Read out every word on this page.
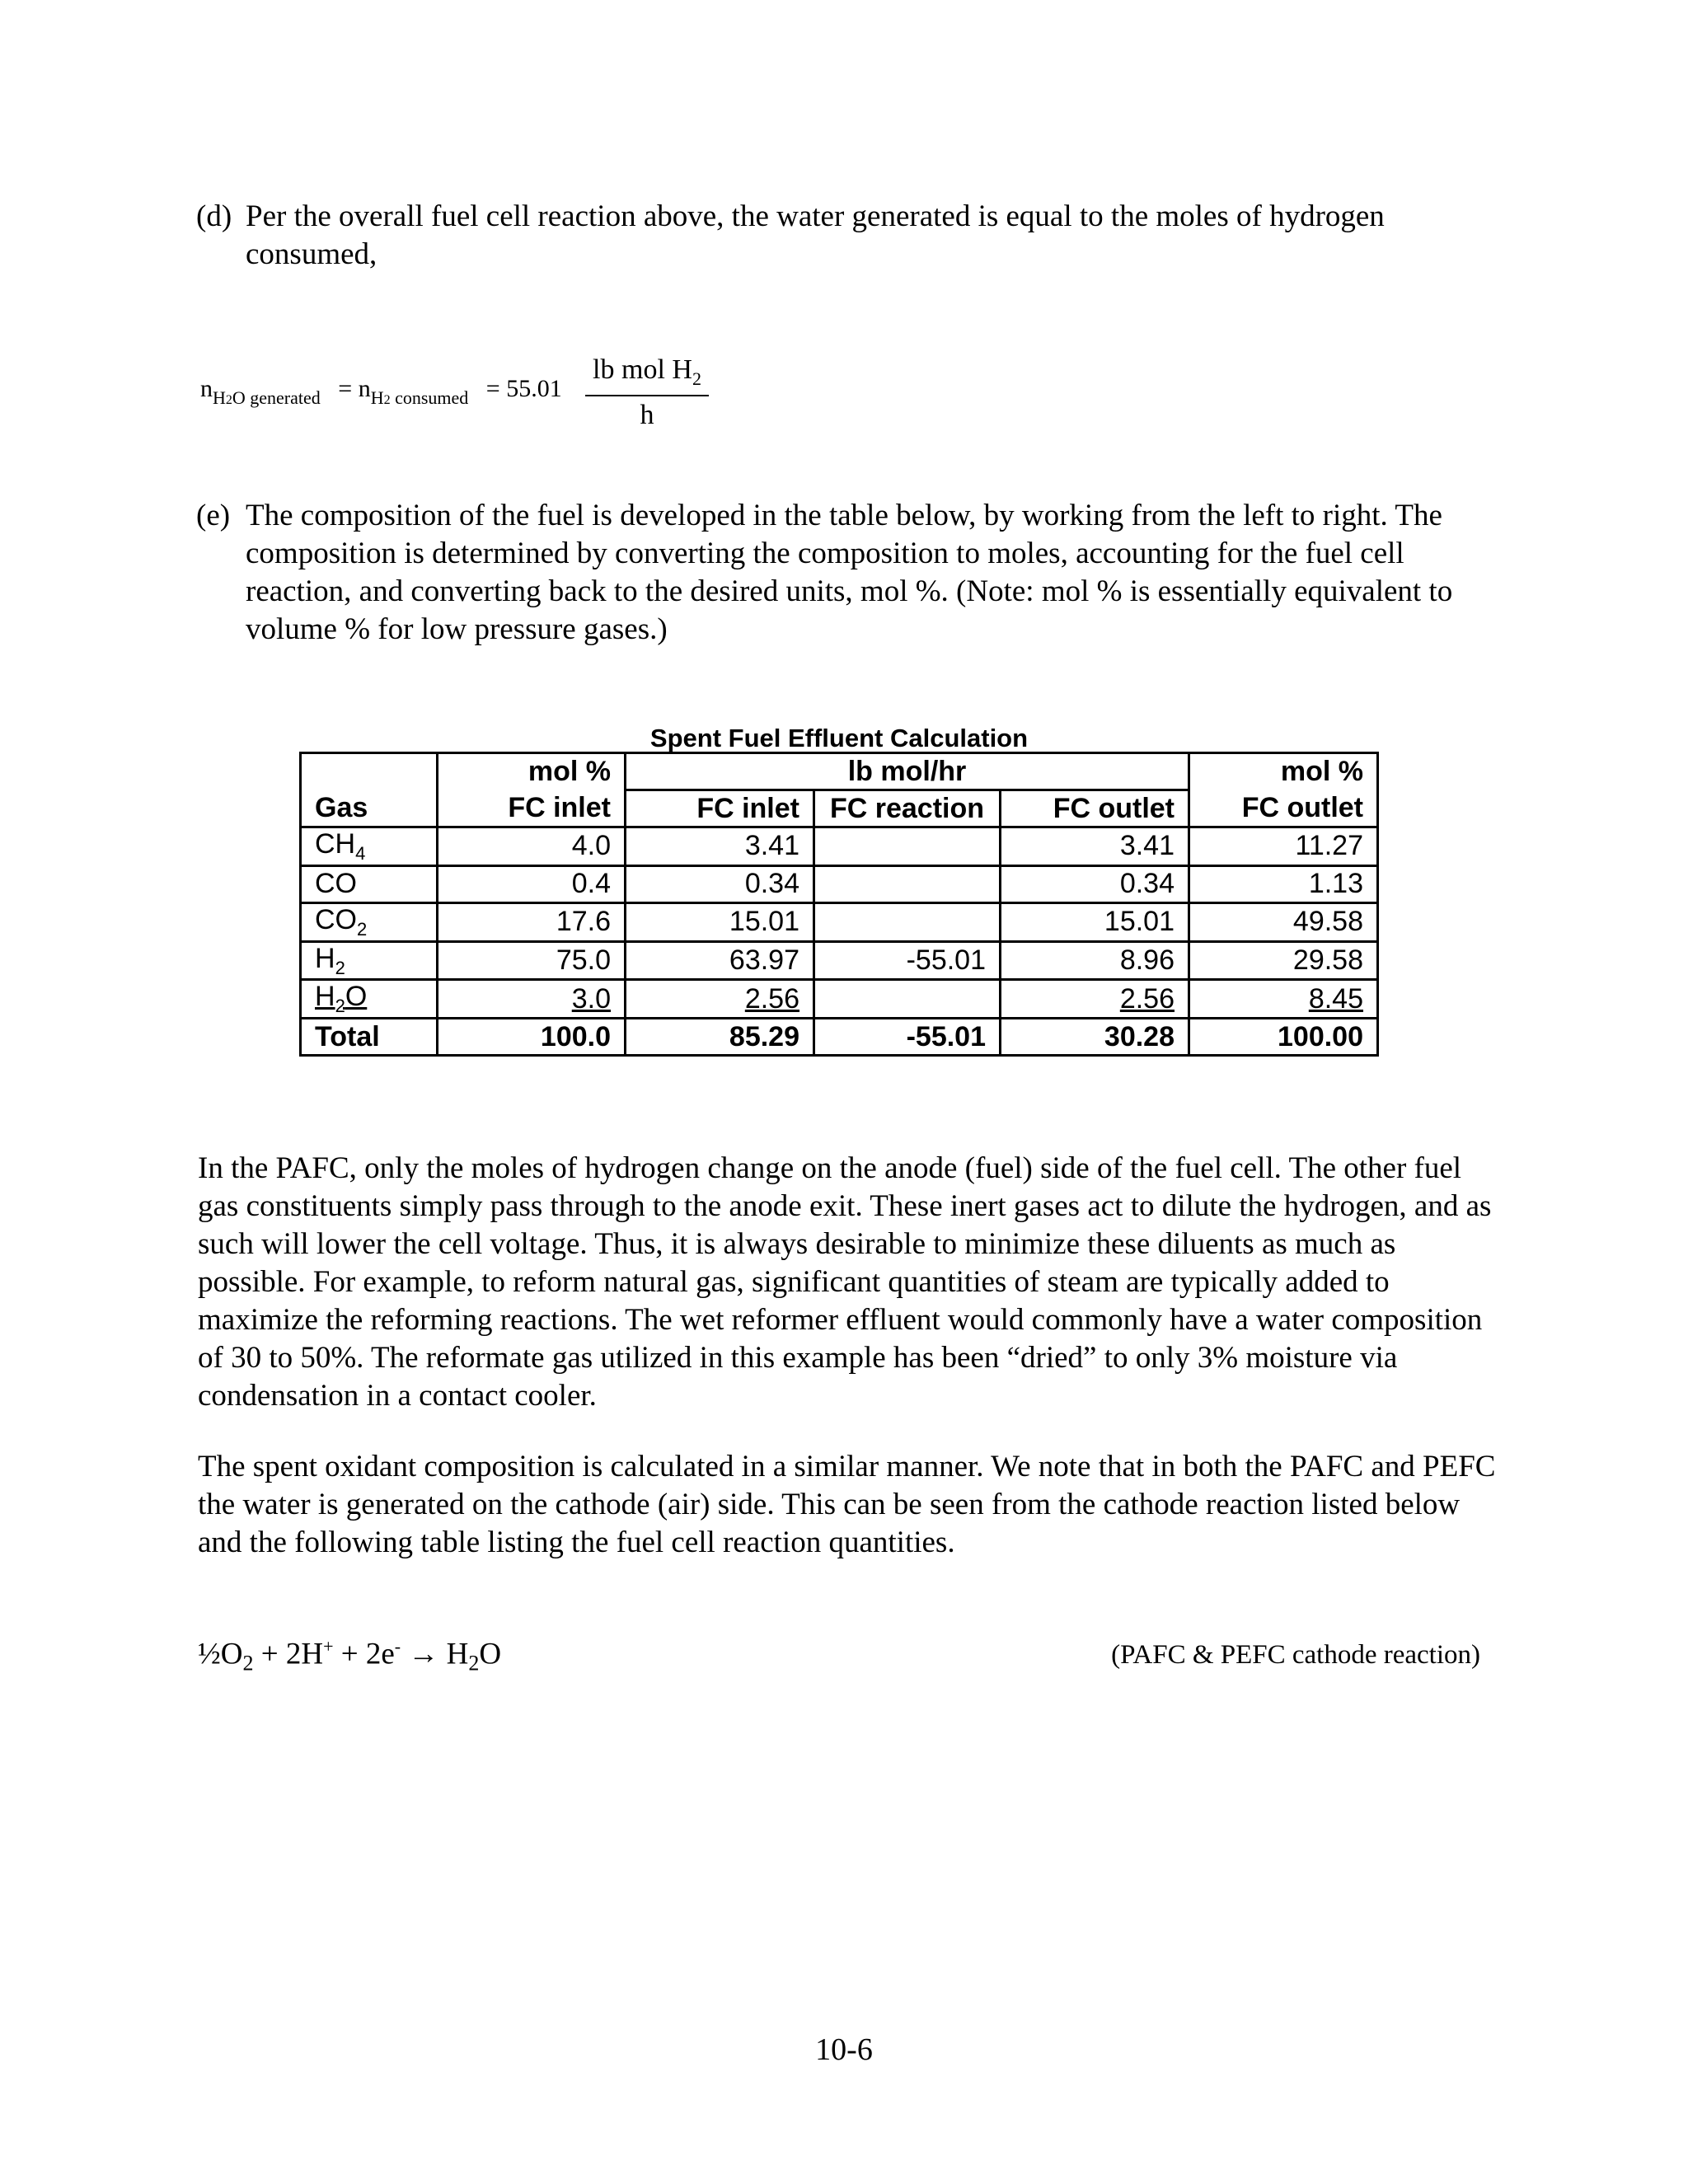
(d) Per the overall fuel cell reaction above, the water generated is equal to the moles of hydrogen consumed,
$n_{H2O generated} = n_{H2 consumed} = 55.01$
lb mol $H_2$
h
(e) The composition of the fuel is developed in the table below, by working from the left to right. The composition is determined by converting the composition to moles, accounting for the fuel cell reaction, and converting back to the desired units, mol %. (Note: mol % is essentially equivalent to volume % for low pressure gases.)
Spent Fuel Effluent Calculation
	mol %	lb mol/hr			mol %
Gas	FC inlet	FC inlet	FC reaction	FC outlet	FC outlet
$CH_4$	4.0	3.41		3.41	11.27
CO	0.4	0.34		0.34	1.13
$CO_2$	17.6	15.01		15.01	49.58
$H_2$	75.0	63.97	-55.01	8.96	29.58
$H_2O$	3.0	2.56		2.56	8.45
Total	100.0	85.29	-55.01	30.28	100.00
In the PAFC, only the moles of hydrogen change on the anode (fuel) side of the fuel cell. The other fuel gas constituents simply pass through to the anode exit. These inert gases act to dilute the hydrogen, and as such will lower the cell voltage. Thus, it is always desirable to minimize these diluents as much as possible. For example, to reform natural gas, significant quantities of steam are typically added to maximize the reforming reactions. The wet reformer effluent would commonly have a water composition of 30 to 50%. The reformate gas utilized in this example has been “dried” to only 3% moisture via condensation in a contact cooler.
The spent oxidant composition is calculated in a similar manner. We note that in both the PAFC and PEFC the water is generated on the cathode (air) side. This can be seen from the cathode reaction listed below and the following table listing the fuel cell reaction quantities.
$\frac{1}{2}O_2 + 2H^+ + 2e^- \to H_2O$	(PAFC & PEFC cathode reaction)
10-6
